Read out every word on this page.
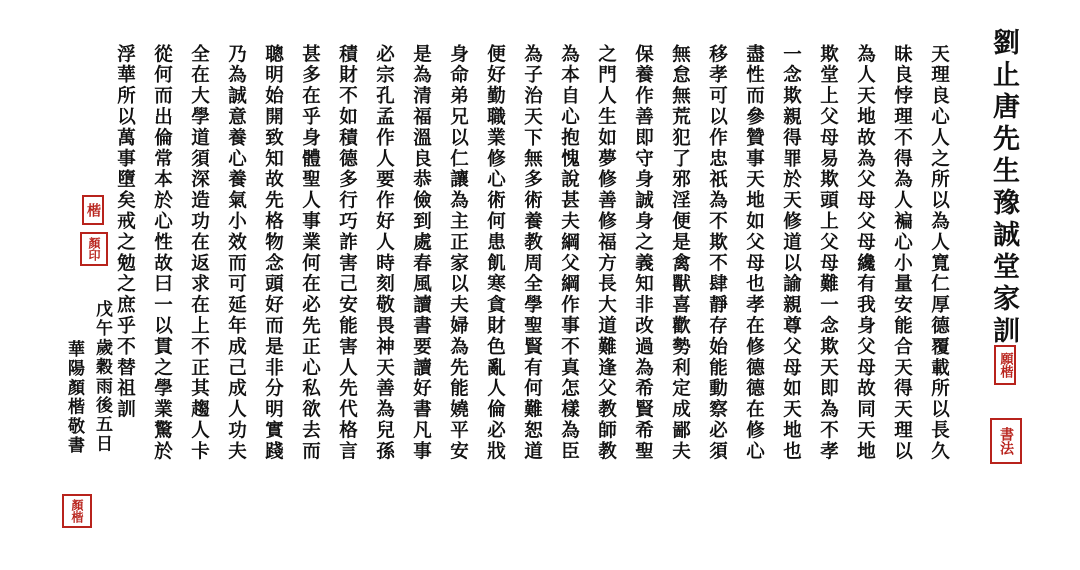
劉止唐先生豫誠堂家訓
願楷
書法
天理良心人之所以為人寬仁厚德覆載所以長久
昧良悖理不得為人褊心小量安能合天得天理以
為人天地故為父母父母纔有我身父母故同天地
欺堂上父母易欺頭上父母難一念欺天即為不孝
一念欺親得罪於天修道以諭親尊父母如天地也
盡性而參贊事天地如父母也孝在修德德在修心
移孝可以作忠祇為不欺不肆靜存始能動察必須
無怠無荒犯了邪淫便是禽獸喜歡勢利定成鄙夫
保養作善即守身誠身之義知非改過為希賢希聖
之門人生如夢修善修福方長大道難逢父教師教
為本自心抱愧說甚夫綱父綱作事不真怎樣為臣
為子治天下無多術養教周全學聖賢有何難恕道
便好勤職業修心術何患飢寒貪財色亂人倫必戕
身命弟兄以仁讓為主正家以夫婦為先能嬈平安
是為清福溫良恭儉到處春風讀書要讀好書凡事
必宗孔孟作人要作好人時刻敬畏神天善為兒孫
積財不如積德多行巧詐害己安能害人先代格言
甚多在乎身體聖人事業何在必先正心私欲去而
聰明始開致知故先格物念頭好而是非分明實踐
乃為誠意養心養氣小效而可延年成己成人功夫
全在大學道須深造功在返求在上不正其趨人卡
從何而出倫常本於心性故曰一以貫之學業驚於
浮華所以萬事墮矣戒之勉之庶乎不替祖訓
楷
顏印
戊午歲穀雨後五日
華陽顏楷敬書
顏楷
